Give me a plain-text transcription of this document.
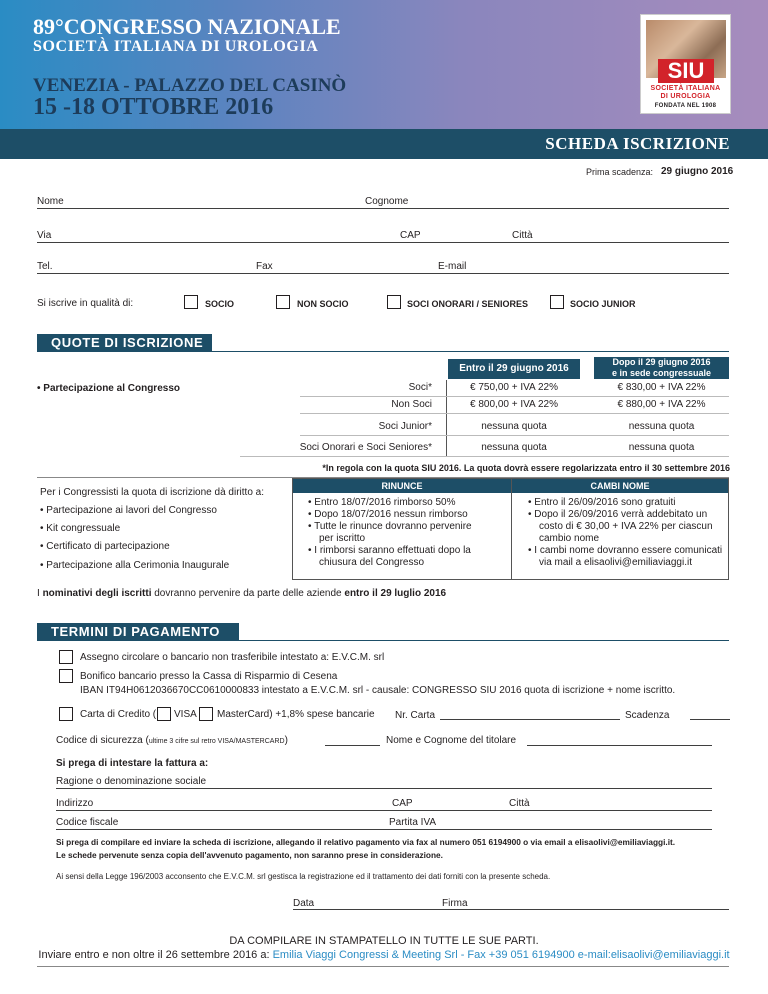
89°CONGRESSO NAZIONALE
SOCIETÀ ITALIANA DI UROLOGIA
VENEZIA - PALAZZO DEL CASINÒ
15 -18 OTTOBRE 2016
SIU
SOCIETÀ ITALIANA
DI UROLOGIA
FONDATA NEL 1908
SCHEDA ISCRIZIONE
Prima scadenza: 29 giugno 2016
Nome	Cognome
Via	CAP	Città
Tel.	Fax	E-mail
Si iscrive in qualità di:	SOCIO	NON SOCIO	SOCI ONORARI / SENIORES	SOCIO JUNIOR
QUOTE DI ISCRIZIONE
Entro il 29 giugno 2016
Dopo il 29 giugno 2016
e in sede congressuale
• Partecipazione al Congresso	Soci*	€ 750,00 + IVA 22%	€ 830,00 + IVA 22%
Non Soci	€ 800,00 + IVA 22%	€ 880,00 + IVA 22%
Soci Junior*	nessuna quota	nessuna quota
Soci Onorari e Soci Seniores*	nessuna quota	nessuna quota
*In regola con la quota SIU 2016. La quota dovrà essere regolarizzata entro il 30 settembre 2016
Per i Congressisti la quota di iscrizione dà diritto a:
• Partecipazione ai lavori del Congresso
• Kit congressuale
• Certificato di partecipazione
• Partecipazione alla Cerimonia Inaugurale
RINUNCE	CAMBI NOME
• Entro 18/07/2016 rimborso 50%
• Dopo 18/07/2016 nessun rimborso
• Tutte le rinunce dovranno pervenire
per iscritto
• I rimborsi saranno effettuati dopo la
chiusura del Congresso
• Entro il 26/09/2016 sono gratuiti
• Dopo il 26/09/2016 verrà addebitato un
costo di € 30,00 + IVA 22% per ciascun
cambio nome
• I cambi nome dovranno essere comunicati
via mail a elisaolivi@emiliaviaggi.it
I nominativi degli iscritti dovranno pervenire da parte delle aziende entro il 29 luglio 2016
TERMINI DI PAGAMENTO
Assegno circolare o bancario non trasferibile intestato a: E.V.C.M. srl
Bonifico bancario presso la Cassa di Risparmio di Cesena
IBAN IT94H0612036670CC0610000833 intestato a E.V.C.M. srl - causale: CONGRESSO SIU 2016 quota di iscrizione + nome iscritto.
Carta di Credito ( VISA MasterCard) +1,8% spese bancarie Nr. Carta	Scadenza
Codice di sicurezza (ultime 3 cifre sul retro VISA/MASTERCARD)	Nome e Cognome del titolare
Si prega di intestare la fattura a:
Ragione o denominazione sociale
Indirizzo	CAP	Città
Codice fiscale	Partita IVA
Si prega di compilare ed inviare la scheda di iscrizione, allegando il relativo pagamento via fax al numero 051 6194900 o via email a elisaolivi@emiliaviaggi.it.
Le schede pervenute senza copia dell'avvenuto pagamento, non saranno prese in considerazione.
Ai sensi della Legge 196/2003 acconsento che E.V.C.M. srl gestisca la registrazione ed il trattamento dei dati forniti con la presente scheda.
Data	Firma
DA COMPILARE IN STAMPATELLO IN TUTTE LE SUE PARTI.
Inviare entro e non oltre il 26 settembre 2016 a: Emilia Viaggi Congressi & Meeting Srl - Fax +39 051 6194900 e-mail:elisaolivi@emiliaviaggi.it
